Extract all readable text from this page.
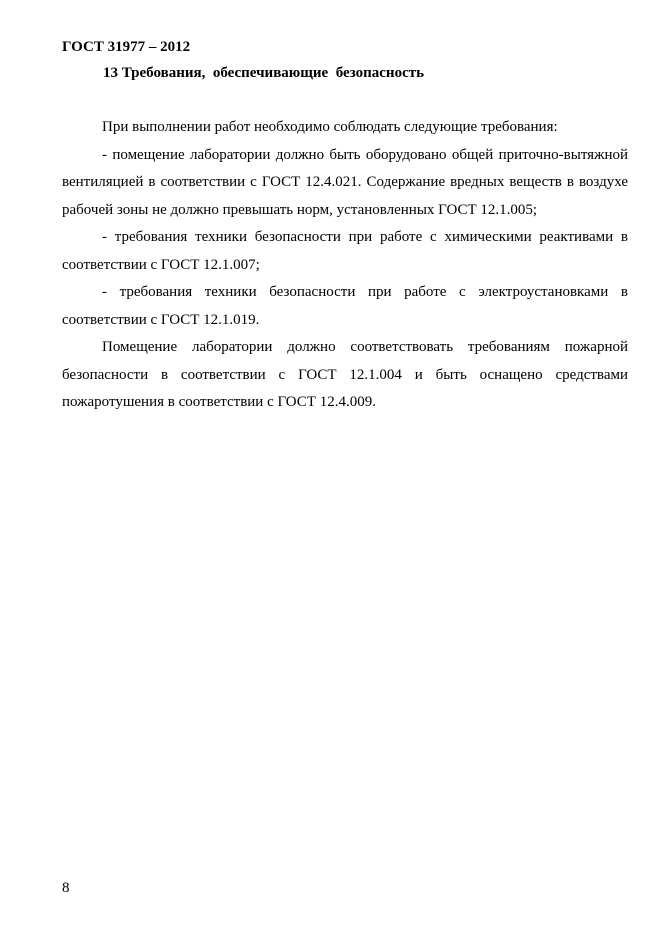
ГОСТ 31977 – 2012
13 Требования,  обеспечивающие  безопасность

При выполнении работ необходимо соблюдать следующие требования:

- помещение лаборатории должно быть оборудовано общей приточно-вытяжной вентиляцией в соответствии с ГОСТ 12.4.021. Содержание вредных веществ в воздухе рабочей зоны не должно превышать норм, установленных ГОСТ 12.1.005;

- требования техники безопасности при работе с химическими реактивами в соответствии с ГОСТ 12.1.007;

- требования техники безопасности при работе с электроустановками в соответствии с ГОСТ 12.1.019.

Помещение лаборатории должно соответствовать требованиям пожарной безопасности в соответствии с ГОСТ 12.1.004 и быть оснащено средствами пожаротушения в соответствии с ГОСТ 12.4.009.

8
